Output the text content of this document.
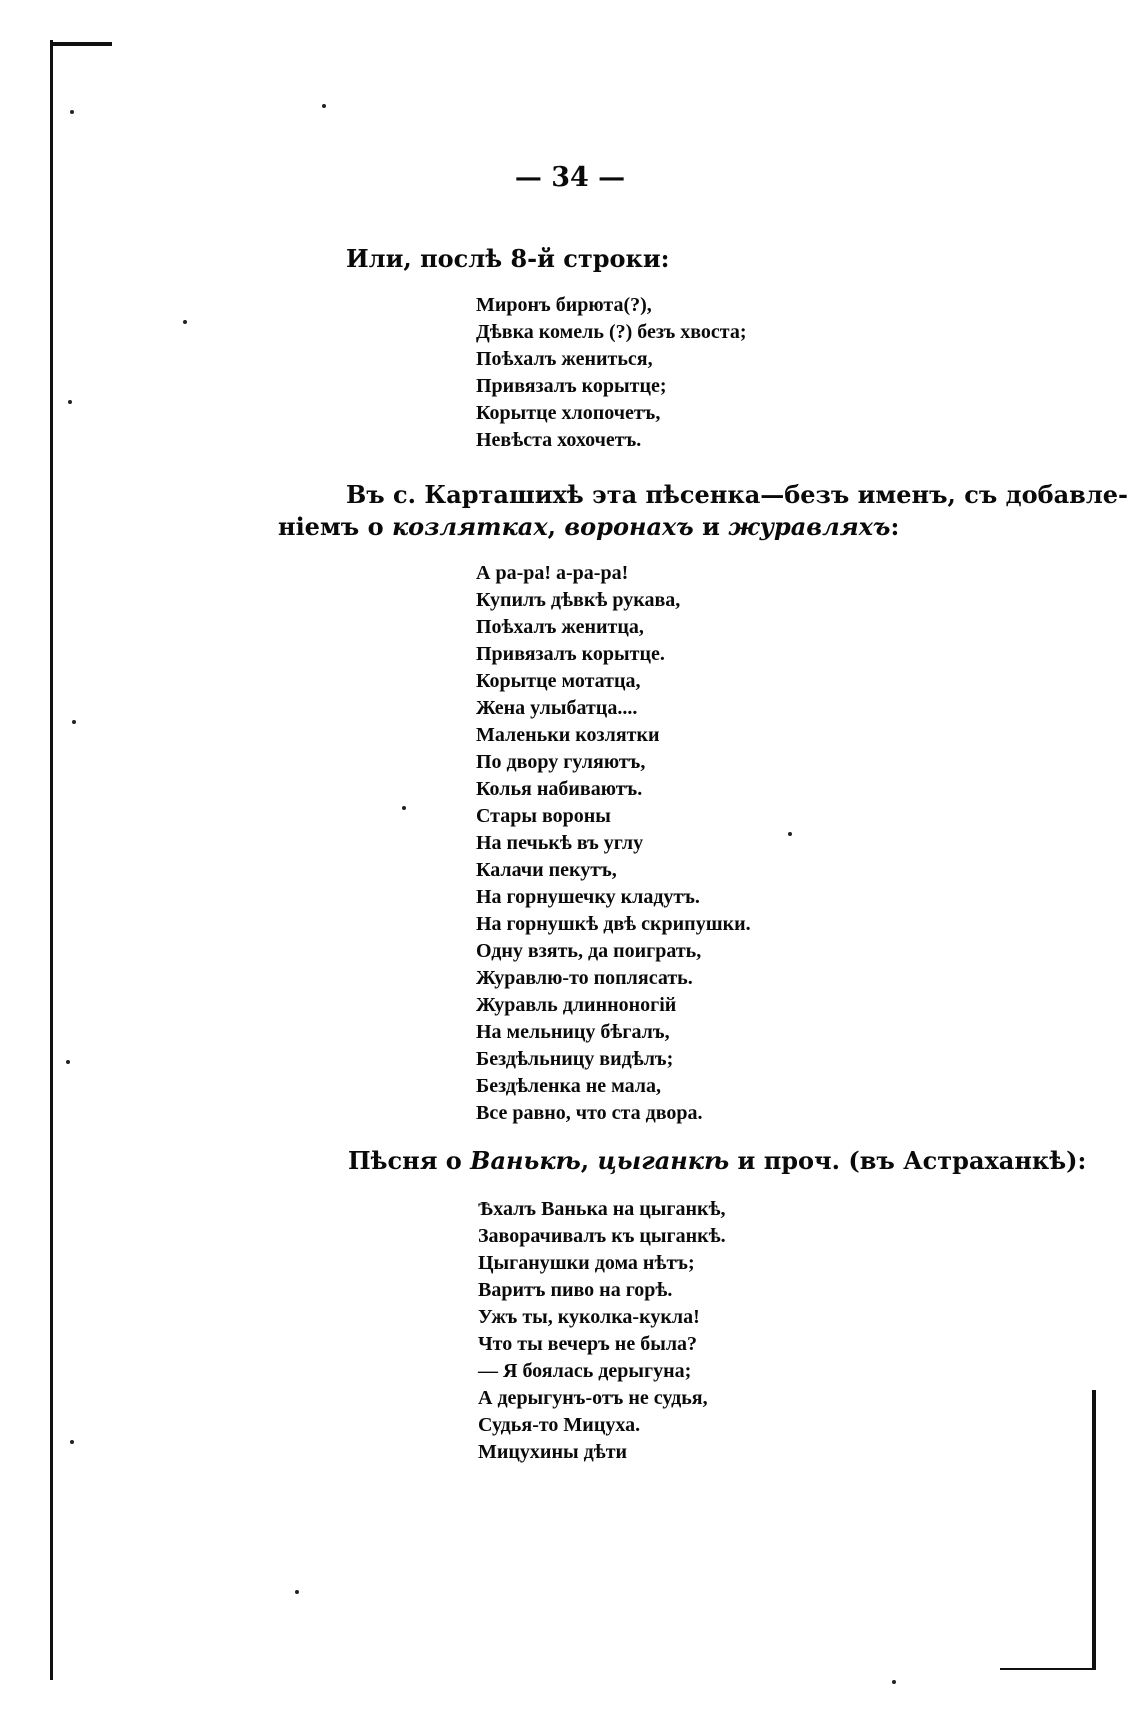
— 34 —
Или, послѣ 8-й строки:
Миронъ бирюта(?),
Дѣвка комель (?) безъ хвоста;
Поѣхалъ жениться,
Привязалъ корытце;
Корытце хлопочетъ,
Невѣста хохочетъ.
Въ с. Карташихѣ эта пѣсенка—безъ именъ, съ добавле-
ніемъ о козлятках, воронахъ и журавляхъ:
А ра-ра! а-ра-ра!
Купилъ дѣвкѣ рукава,
Поѣхалъ женитца,
Привязалъ корытце.
Корытце мотатца,
Жена улыбатца....
Маленьки козлятки
По двору гуляютъ,
Колья набиваютъ.
Стары вороны
На печькѣ въ углу
Калачи пекутъ,
На горнушечку кладутъ.
На горнушкѣ двѣ скрипушки.
Одну взять, да поиграть,
Журавлю-то поплясать.
Журавль длинноногій
На мельницу бѣгалъ,
Бездѣльницу видѣлъ;
Бездѣленка не мала,
Все равно, что ста двора.
Пѣсня о Ванькѣ, цыганкѣ и проч. (въ Астраханкѣ):
Ѣхалъ Ванька на цыганкѣ,
Заворачивалъ къ цыганкѣ.
Цыганушки дома нѣтъ;
Варитъ пиво на горѣ.
Ужъ ты, куколка-кукла!
Что ты вечеръ не была?
— Я боялась дерыгуна;
А дерыгунъ-отъ не судья,
Судья-то Мицуха.
Мицухины дѣти
